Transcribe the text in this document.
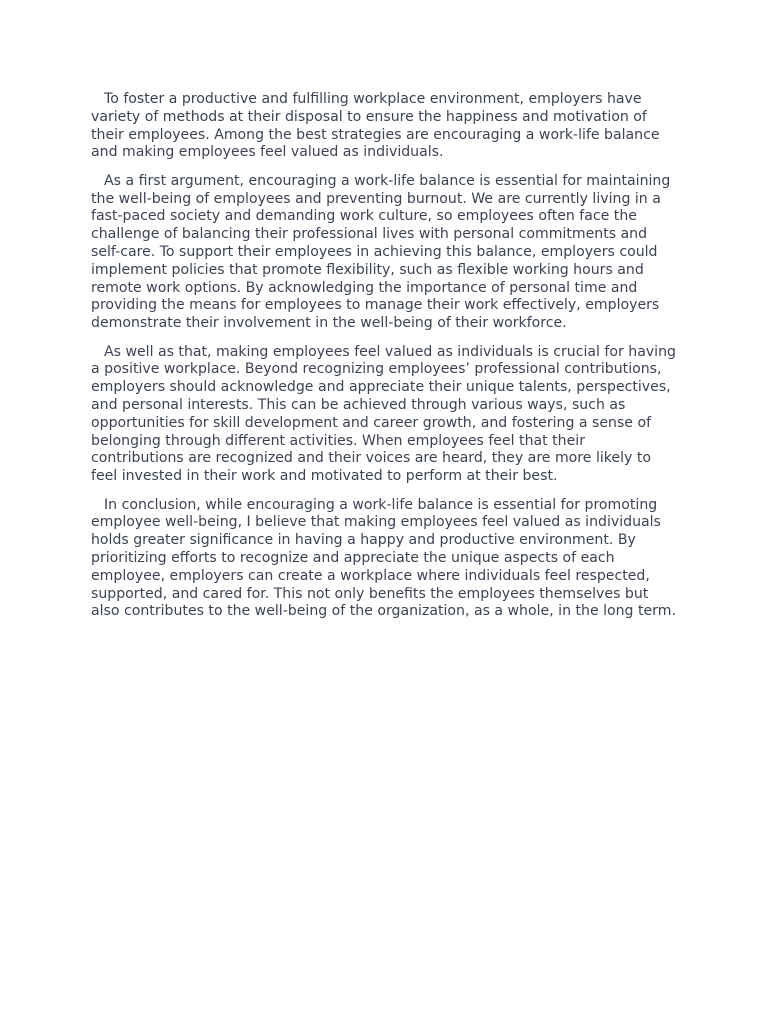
To foster a productive and fulfilling workplace environment, employers have variety of methods at their disposal to ensure the happiness and motivation of their employees. Among the best strategies are encouraging a work-life balance and making employees feel valued as individuals.

As a first argument, encouraging a work-life balance is essential for maintaining the well-being of employees and preventing burnout. We are currently living in a fast-paced society and demanding work culture, so employees often face the challenge of balancing their professional lives with personal commitments and self-care. To support their employees in achieving this balance, employers could implement policies that promote flexibility, such as flexible working hours and remote work options. By acknowledging the importance of personal time and providing the means for employees to manage their work effectively, employers demonstrate their involvement in the well-being of their workforce.

As well as that, making employees feel valued as individuals is crucial for having a positive workplace. Beyond recognizing employees’ professional contributions, employers should acknowledge and appreciate their unique talents, perspectives, and personal interests. This can be achieved through various ways, such as opportunities for skill development and career growth, and fostering a sense of belonging through different activities. When employees feel that their contributions are recognized and their voices are heard, they are more likely to feel invested in their work and motivated to perform at their best.

In conclusion, while encouraging a work-life balance is essential for promoting employee well-being, I believe that making employees feel valued as individuals holds greater significance in having a happy and productive environment. By prioritizing efforts to recognize and appreciate the unique aspects of each employee, employers can create a workplace where individuals feel respected, supported, and cared for. This not only benefits the employees themselves but also contributes to the well-being of the organization, as a whole, in the long term.
